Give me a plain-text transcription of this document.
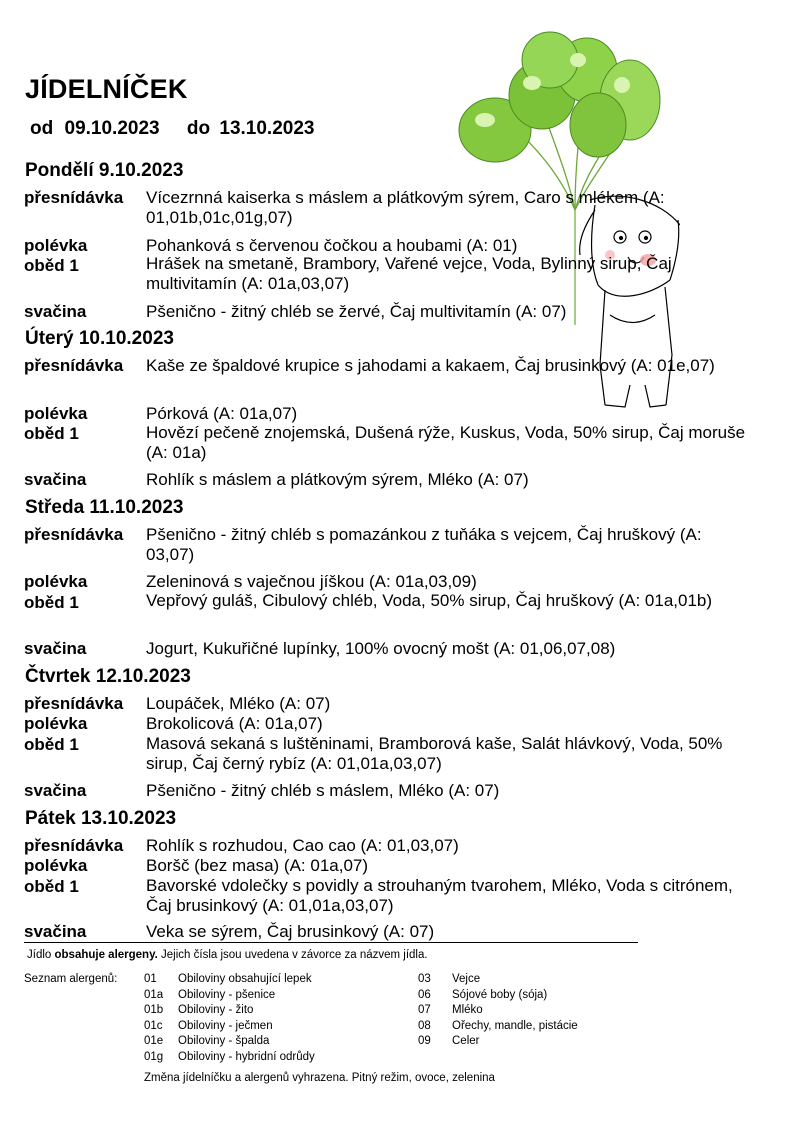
JÍDELNÍČEK
od 09.10.2023 do 13.10.2023
Pondělí 9.10.2023
přesnídávka Vícezrnná kaiserka s máslem a plátkovým sýrem, Caro s mlékem (A: 01,01b,01c,01g,07)
polévka	Pohanková s červenou čočkou a houbami (A: 01)
oběd 1	Hrášek na smetaně, Brambory, Vařené vejce, Voda, Bylinný sirup, Čaj multivitamín (A: 01a,03,07)
svačina	Pšenično - žitný chléb se žervé, Čaj multivitamín (A: 07)
Úterý 10.10.2023
přesnídávka Kaše ze špaldové krupice s jahodami a kakaem, Čaj brusinkový (A: 01e,07)
polévka	Pórková (A: 01a,07)
oběd 1	Hovězí pečeně znojemská, Dušená rýže, Kuskus, Voda, 50% sirup, Čaj moruše (A: 01a)
svačina	Rohlík s máslem a plátkovým sýrem, Mléko (A: 07)
Středa 11.10.2023
přesnídávka Pšenično - žitný chléb s pomazánkou z tuňáka s vejcem, Čaj hruškový (A: 03,07)
polévka	Zeleninová s vaječnou jíškou (A: 01a,03,09)
oběd 1	Vepřový guláš, Cibulový chléb, Voda, 50% sirup, Čaj hruškový (A: 01a,01b)
svačina	Jogurt, Kukuřičné lupínky, 100% ovocný mošt (A: 01,06,07,08)
Čtvrtek 12.10.2023
přesnídávka Loupáček, Mléko (A: 07)
polévka	Brokolicová (A: 01a,07)
oběd 1	Masová sekaná s luštěninami, Bramborová kaše, Salát hlávkový, Voda, 50% sirup, Čaj černý rybíz (A: 01,01a,03,07)
svačina	Pšenično - žitný chléb s máslem, Mléko (A: 07)
Pátek 13.10.2023
přesnídávka Rohlík s rozhudou, Cao cao (A: 01,03,07)
polévka	Boršč (bez masa) (A: 01a,07)
oběd 1	Bavorské vdolečky s povidly a strouhaným tvarohem, Mléko, Voda s citrónem, Čaj brusinkový (A: 01,01a,03,07)
svačina	Veka se sýrem, Čaj brusinkový (A: 07)
Jídlo obsahuje alergeny. Jejich čísla jsou uvedena v závorce za názvem jídla.
Seznam alergenů: 01 Obiloviny obsahující lepek
01a Obiloviny - pšenice
01b Obiloviny - žito
01c Obiloviny - ječmen
01e Obiloviny - špalda
01g Obiloviny - hybridní odrůdy
03 Vejce
06 Sójové boby (sója)
07 Mléko
08 Ořechy, mandle, pistácie
09 Celer
Změna jídelníčku a alergenů vyhrazena. Pitný režim, ovoce, zelenina
